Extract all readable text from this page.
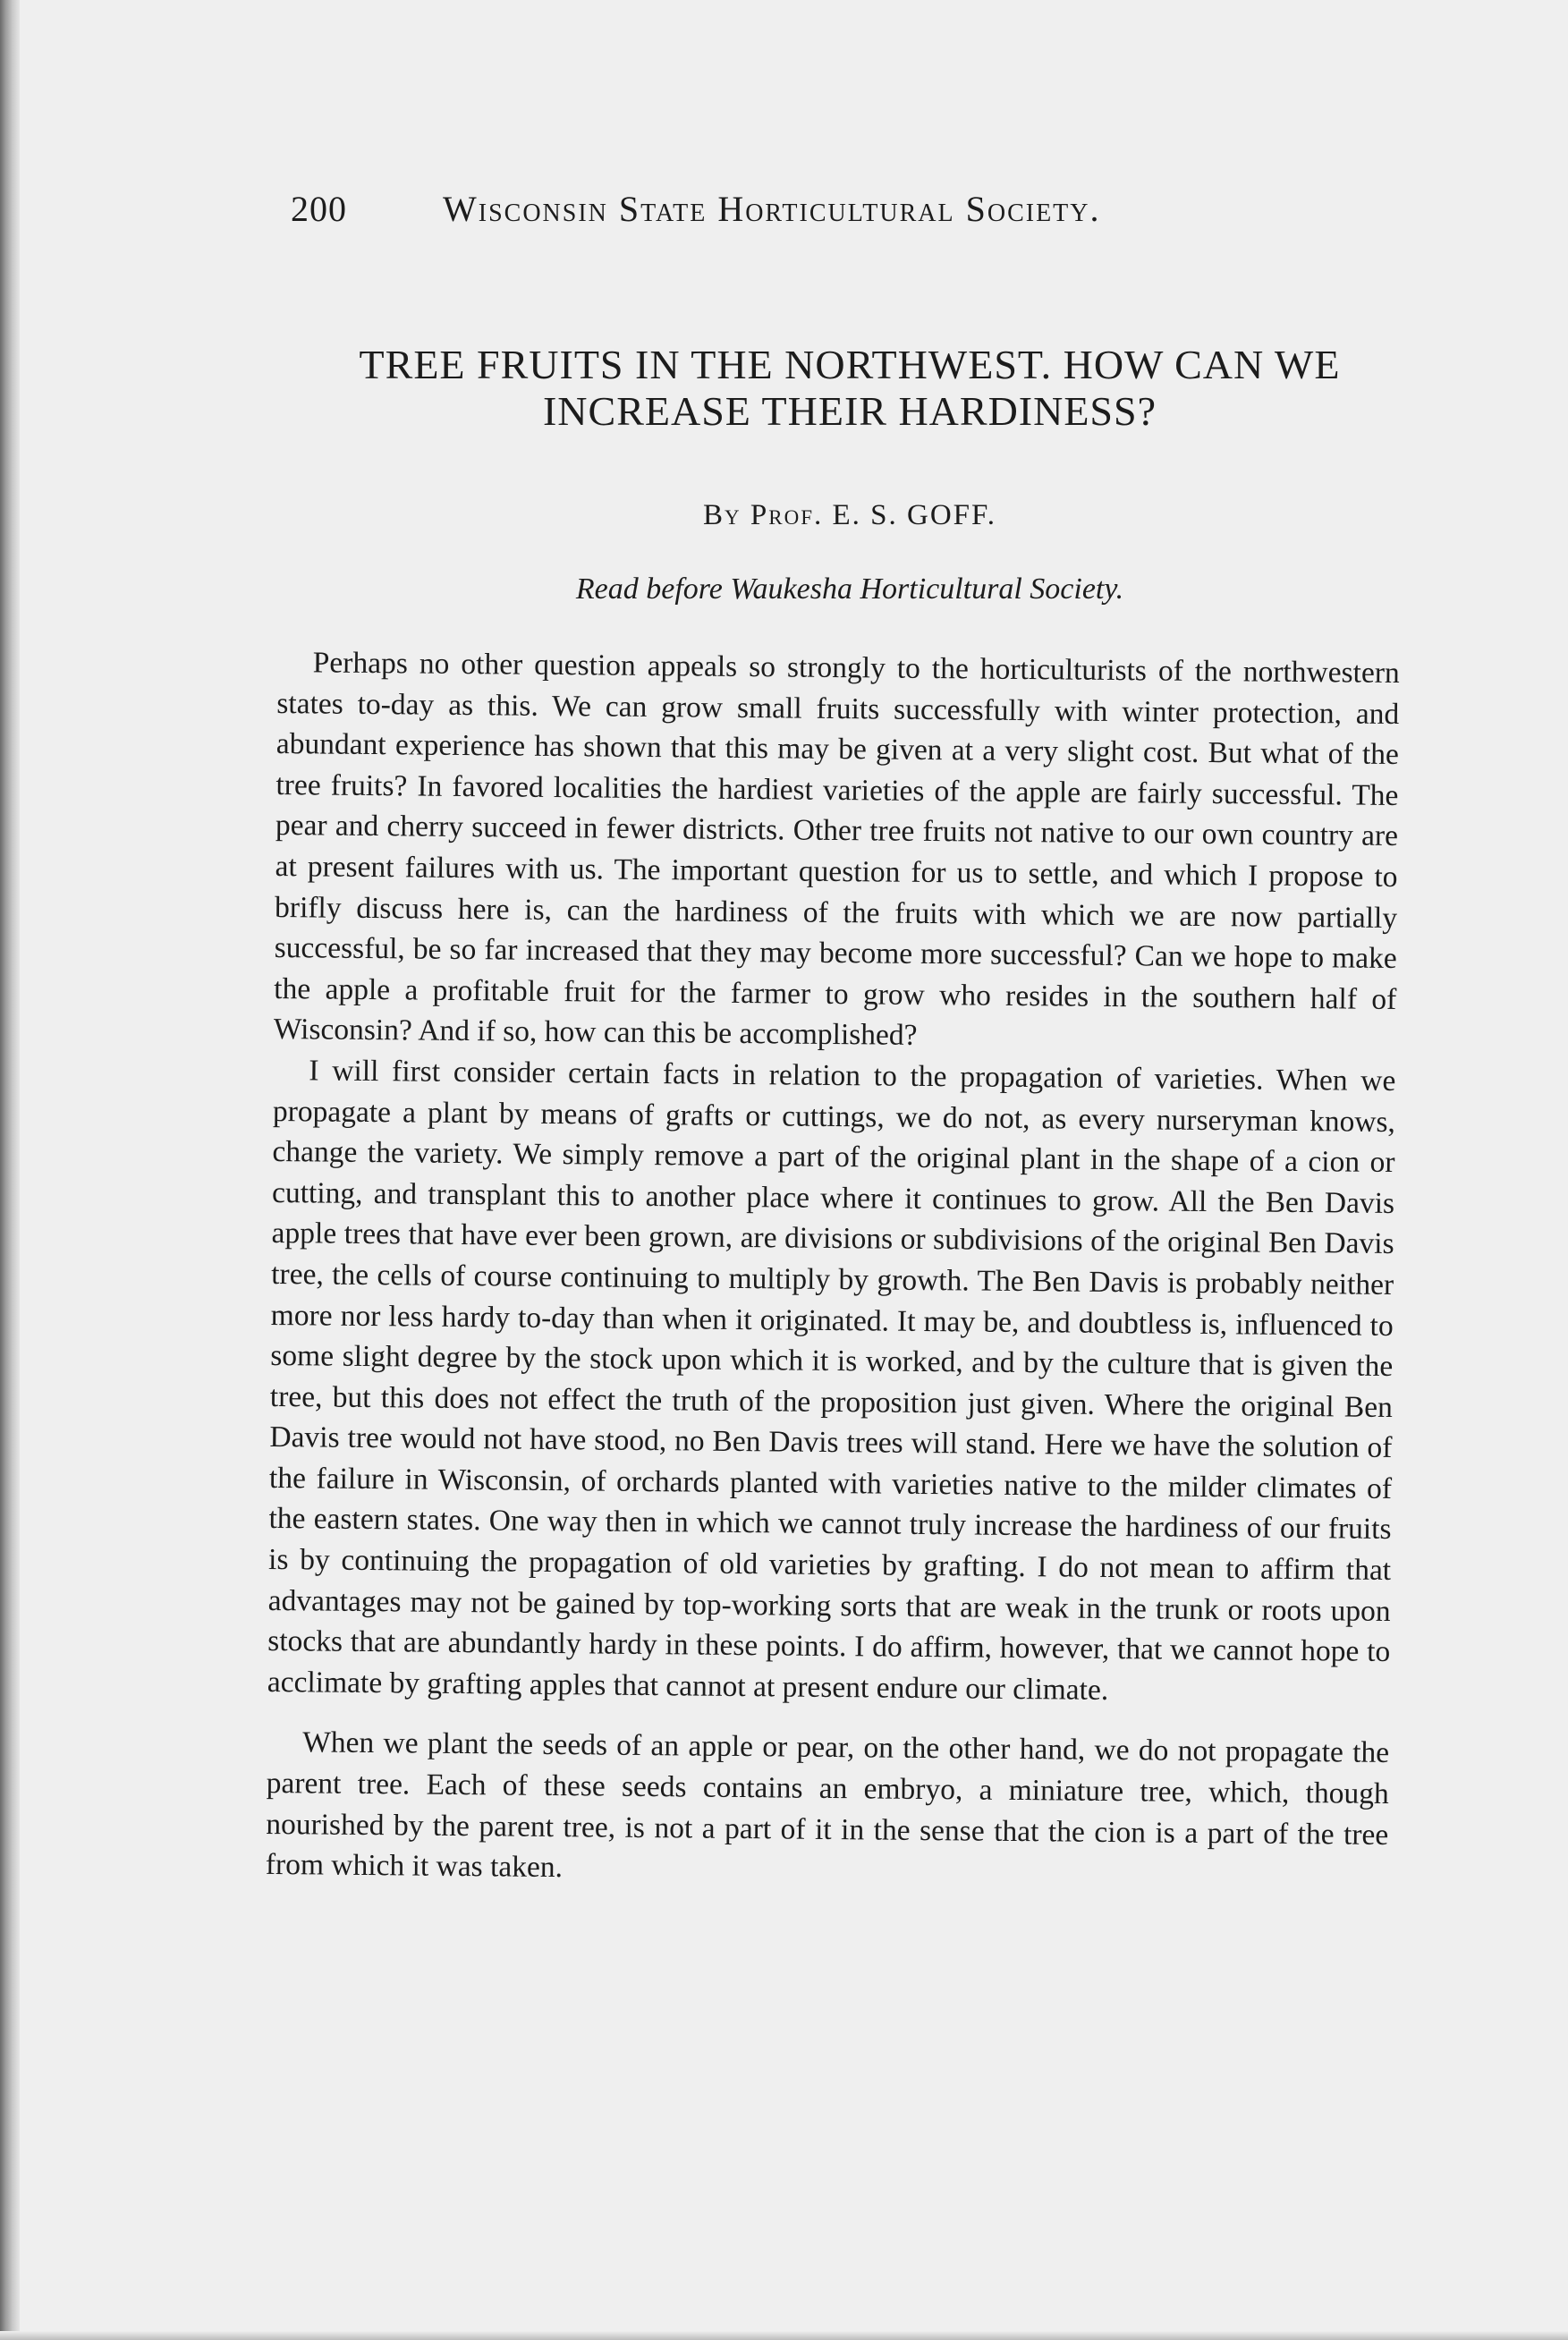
200	Wisconsin State Horticultural Society.
TREE FRUITS IN THE NORTHWEST. HOW CAN WE INCREASE THEIR HARDINESS?
By Prof. E. S. GOFF.
Read before Waukesha Horticultural Society.

Perhaps no other question appeals so strongly to the horticulturists of the northwestern states to-day as this. We can grow small fruits successfully with winter protection, and abundant experience has shown that this may be given at a very slight cost. But what of the tree fruits? In favored localities the hardiest varieties of the apple are fairly successful. The pear and cherry succeed in fewer districts. Other tree fruits not native to our own country are at present failures with us. The important question for us to settle, and which I propose to brifly discuss here is, can the hardiness of the fruits with which we are now partially successful, be so far increased that they may become more successful? Can we hope to make the apple a profitable fruit for the farmer to grow who resides in the southern half of Wisconsin? And if so, how can this be accomplished?

I will first consider certain facts in relation to the propagation of varieties. When we propagate a plant by means of grafts or cuttings, we do not, as every nurseryman knows, change the variety. We simply remove a part of the original plant in the shape of a cion or cutting, and transplant this to another place where it continues to grow. All the Ben Davis apple trees that have ever been grown, are divisions or subdivisions of the original Ben Davis tree, the cells of course continuing to multiply by growth. The Ben Davis is probably neither more nor less hardy to-day than when it originated. It may be, and doubtless is, influenced to some slight degree by the stock upon which it is worked, and by the culture that is given the tree, but this does not effect the truth of the proposition just given. Where the original Ben Davis tree would not have stood, no Ben Davis trees will stand. Here we have the solution of the failure in Wisconsin, of orchards planted with varieties native to the milder climates of the eastern states. One way then in which we cannot truly increase the hardiness of our fruits is by continuing the propagation of old varieties by grafting. I do not mean to affirm that advantages may not be gained by top-working sorts that are weak in the trunk or roots upon stocks that are abundantly hardy in these points. I do affirm, however, that we cannot hope to acclimate by grafting apples that cannot at present endure our climate.

When we plant the seeds of an apple or pear, on the other hand, we do not propagate the parent tree. Each of these seeds contains an embryo, a miniature tree, which, though nourished by the parent tree, is not a part of it in the sense that the cion is a part of the tree from which it was taken.
